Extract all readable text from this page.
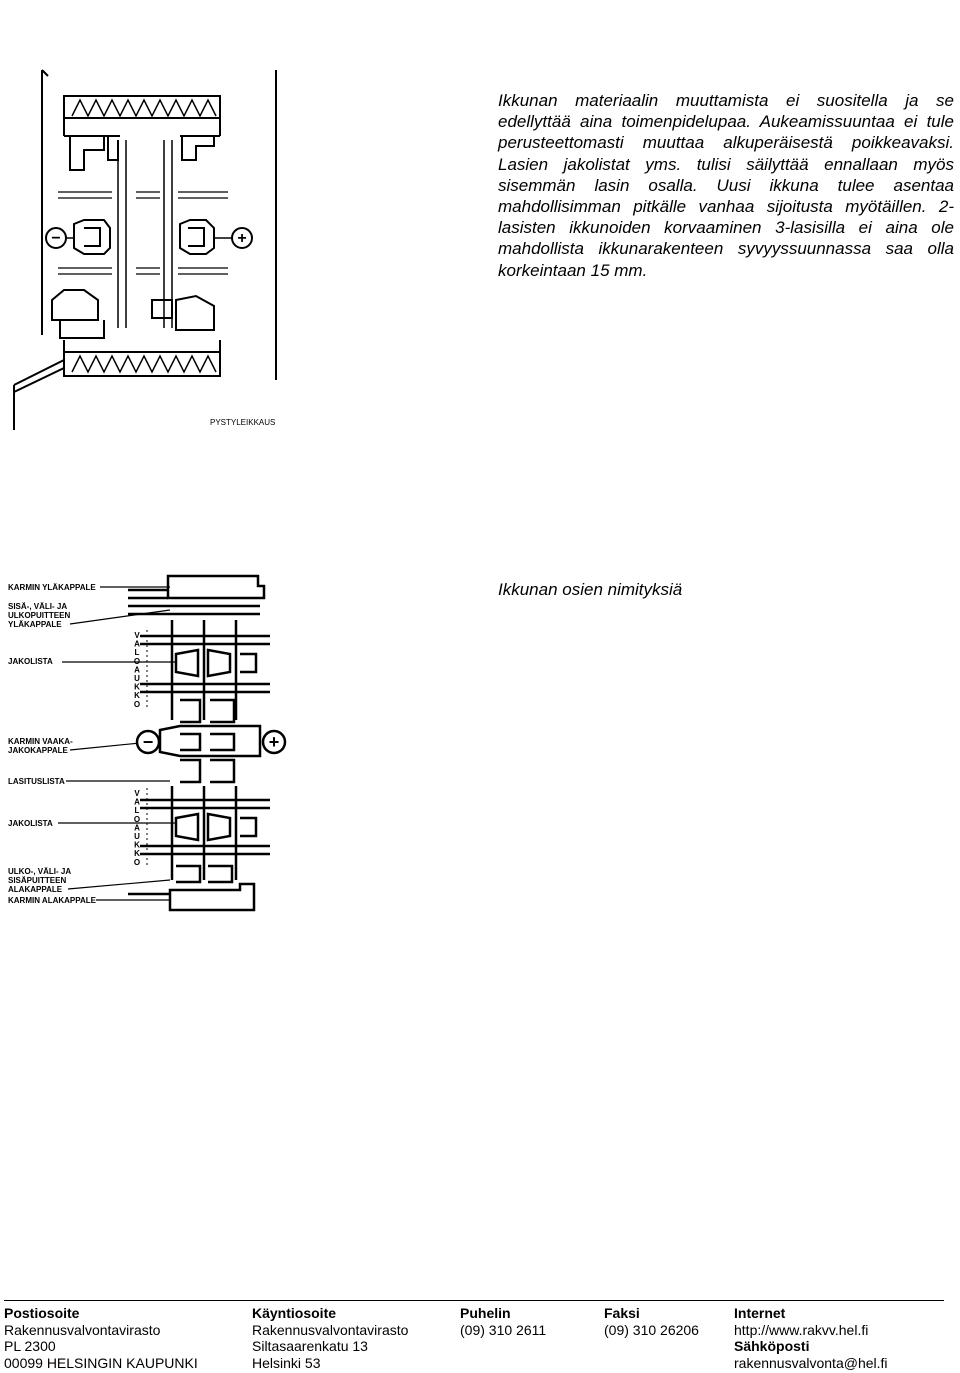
Ikkunan materiaalin muuttamista ei suositella ja se edellyttää aina toimenpidelupaa. Aukeamissuuntaa ei tule perusteettomasti muuttaa alkuperäisestä poikkeavaksi. Lasien jakolistat yms. tulisi säilyttää ennallaan myös sisemmän lasin osalla. Uusi ikkuna tulee asentaa mahdollisimman pitkälle vanhaa sijoitusta myötäillen. 2-lasisten ikkunoiden korvaaminen 3-lasisilla ei aina ole mahdollista ikkunarakenteen syvyyssuunnassa saa olla korkeintaan 15 mm.
Ikkunan osien nimityksiä
−	+
PYSTYLEIKKAUS
KARMIN YLÄKAPPALE
SISÄ-, VÄLI- JA
ULKOPUITTEEN
YLÄKAPPALE
JAKOLISTA
KARMIN VAAKA-
JAKOKAPPALE
LASITUSLISTA
JAKOLISTA
ULKO-, VÄLI- JA
SISÄPUITTEEN
ALAKAPPALE
KARMIN ALAKAPPALE
V
A
L
O
A
U
K
K
O
V
A
L
O
A
U
K
K
O
−	+
Postiosoite
Rakennusvalvontavirasto
PL 2300
00099 HELSINGIN KAUPUNKI
Käyntiosoite
Rakennusvalvontavirasto
Siltasaarenkatu 13
Helsinki 53
Puhelin
(09) 310 2611

Faksi
(09) 310 26206

Internet
http://www.rakvv.hel.fi
Sähköposti
rakennusvalvonta@hel.fi
